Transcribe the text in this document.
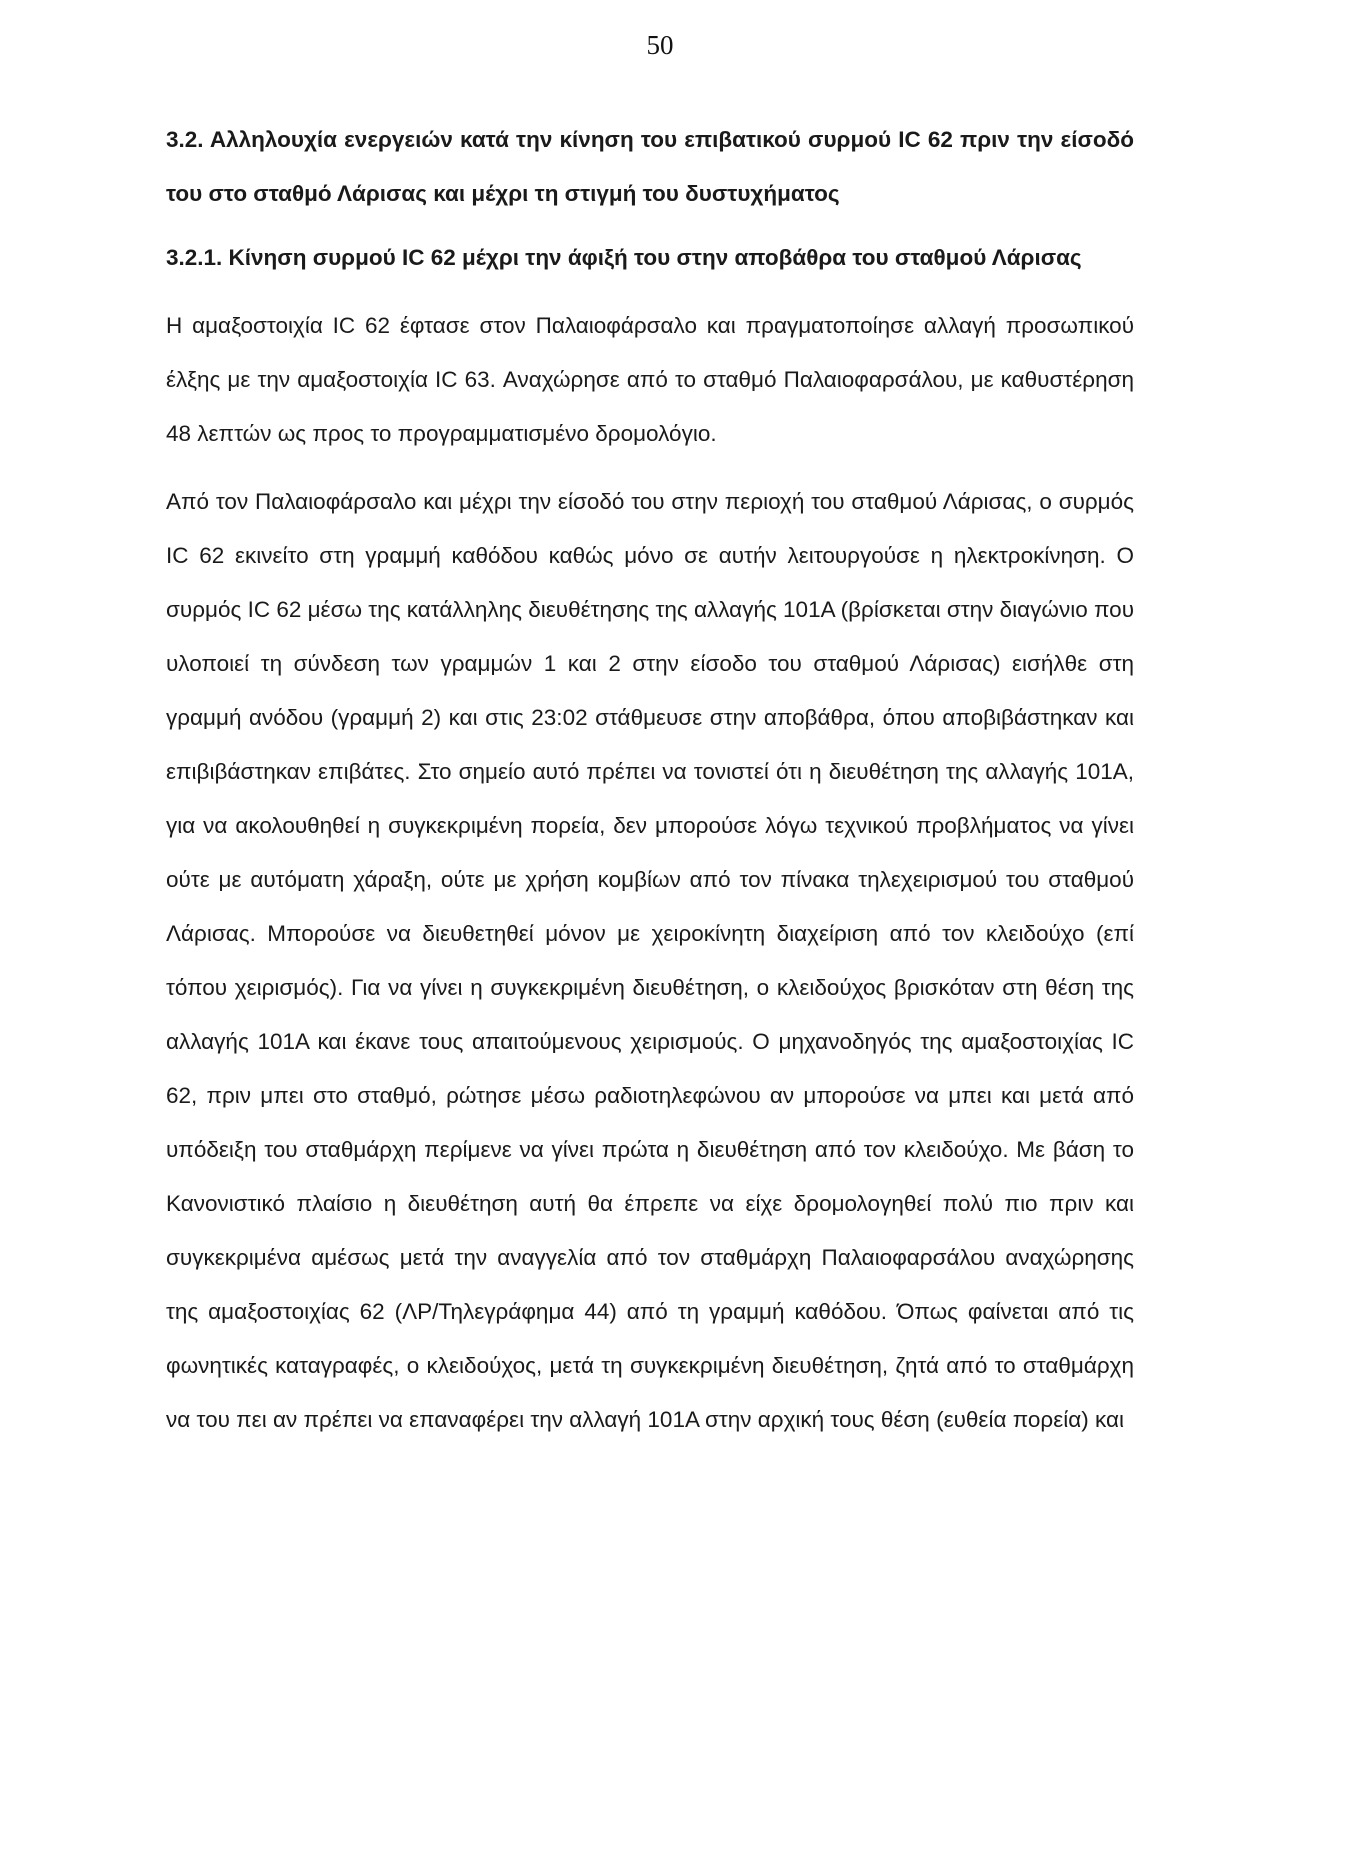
50

3.2. Αλληλουχία ενεργειών κατά την κίνηση του επιβατικού συρμού IC 62 πριν την είσοδό του στο σταθμό Λάρισας και μέχρι τη στιγμή του δυστυχήματος

3.2.1. Κίνηση συρμού IC 62 μέχρι την άφιξή του στην αποβάθρα του σταθμού Λάρισας

Η αμαξοστοιχία IC 62 έφτασε στον Παλαιοφάρσαλο και πραγματοποίησε αλλαγή προσωπικού έλξης με την αμαξοστοιχία IC 63. Αναχώρησε από το σταθμό Παλαιοφαρσάλου, με καθυστέρηση 48 λεπτών ως προς το προγραμματισμένο δρομολόγιο.

Από τον Παλαιοφάρσαλο και μέχρι την είσοδό του στην περιοχή του σταθμού Λάρισας, ο συρμός IC 62 εκινείτο στη γραμμή καθόδου καθώς μόνο σε αυτήν λειτουργούσε η ηλεκτροκίνηση. Ο συρμός IC 62 μέσω της κατάλληλης διευθέτησης της αλλαγής 101Α (βρίσκεται στην διαγώνιο που υλοποιεί τη σύνδεση των γραμμών 1 και 2 στην είσοδο του σταθμού Λάρισας) εισήλθε στη γραμμή ανόδου (γραμμή 2) και στις 23:02 στάθμευσε στην αποβάθρα, όπου αποβιβάστηκαν και επιβιβάστηκαν επιβάτες. Στο σημείο αυτό πρέπει να τονιστεί ότι η διευθέτηση της αλλαγής 101Α, για να ακολουθηθεί η συγκεκριμένη πορεία, δεν μπορούσε λόγω τεχνικού προβλήματος να γίνει ούτε με αυτόματη χάραξη, ούτε με χρήση κομβίων από τον πίνακα τηλεχειρισμού του σταθμού Λάρισας. Μπορούσε να διευθετηθεί μόνον με χειροκίνητη διαχείριση από τον κλειδούχο (επί τόπου χειρισμός). Για να γίνει η συγκεκριμένη διευθέτηση, ο κλειδούχος βρισκόταν στη θέση της αλλαγής 101Α και έκανε τους απαιτούμενους χειρισμούς. Ο μηχανοδηγός της αμαξοστοιχίας IC 62, πριν μπει στο σταθμό, ρώτησε μέσω ραδιοτηλεφώνου αν μπορούσε να μπει και μετά από υπόδειξη του σταθμάρχη περίμενε να γίνει πρώτα η διευθέτηση από τον κλειδούχο. Με βάση το Κανονιστικό πλαίσιο η διευθέτηση αυτή θα έπρεπε να είχε δρομολογηθεί πολύ πιο πριν και συγκεκριμένα αμέσως μετά την αναγγελία από τον σταθμάρχη Παλαιοφαρσάλου αναχώρησης της αμαξοστοιχίας 62 (ΛΡ/Τηλεγράφημα 44) από τη γραμμή καθόδου. Όπως φαίνεται από τις φωνητικές καταγραφές, ο κλειδούχος, μετά τη συγκεκριμένη διευθέτηση, ζητά από το σταθμάρχη να του πει αν πρέπει να επαναφέρει την αλλαγή 101Α στην αρχική τους θέση (ευθεία πορεία) και
